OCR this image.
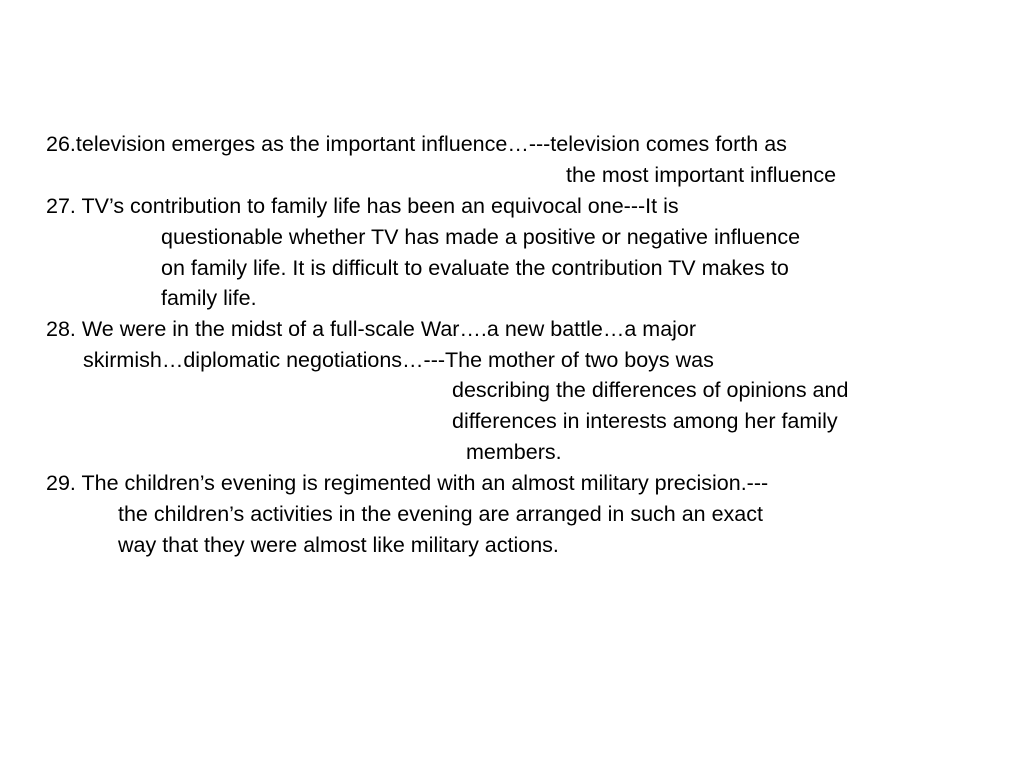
26.television emerges as the important influence…---television comes forth as

the most important influence

27. TV’s contribution to family life has been an equivocal one---It is

questionable whether TV has made a positive or negative influence

on family life. It is difficult to evaluate the contribution TV makes to

family life.

28. We were in the midst of a full-scale War….a new battle…a major

skirmish…diplomatic negotiations…---The mother of two boys was

describing the differences of opinions and

differences in interests among her family

members.

29. The children’s evening is regimented with an almost military precision.---

the children’s activities in the evening are arranged in such an exact

way that they were almost like military actions.
